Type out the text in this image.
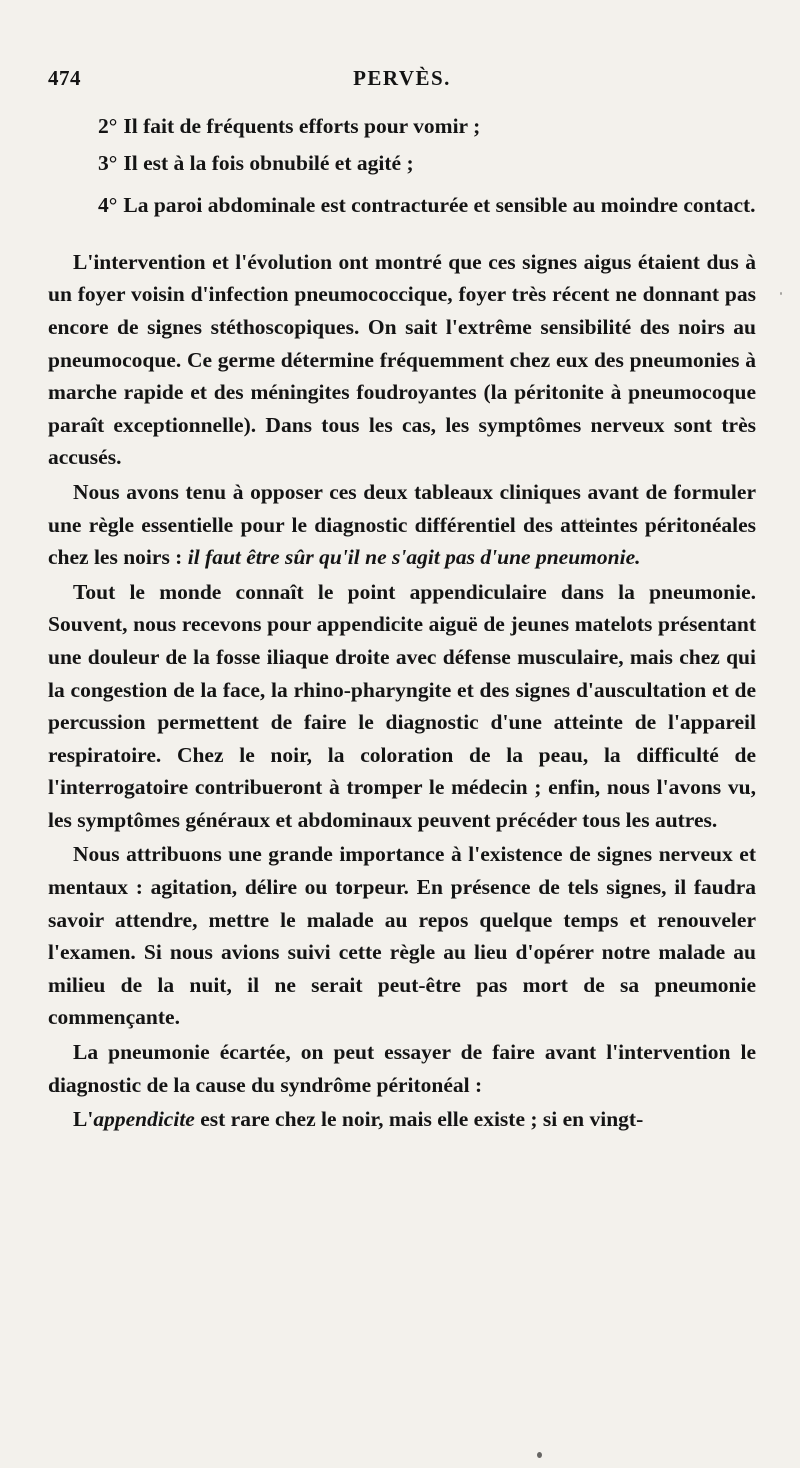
474	PERVÈS.

2° Il fait de fréquents efforts pour vomir ;

3° Il est à la fois obnubilé et agité ;

4° La paroi abdominale est contracturée et sensible au moindre contact.

L'intervention et l'évolution ont montré que ces signes aigus étaient dus à un foyer voisin d'infection pneumococcique, foyer très récent ne donnant pas encore de signes stéthoscopiques. On sait l'extrême sensibilité des noirs au pneumocoque. Ce germe détermine fréquemment chez eux des pneumonies à marche rapide et des méningites foudroyantes (la péritonite à pneumocoque paraît exceptionnelle). Dans tous les cas, les symptômes nerveux sont très accusés.

Nous avons tenu à opposer ces deux tableaux cliniques avant de formuler une règle essentielle pour le diagnostic différentiel des atteintes péritonéales chez les noirs : il faut être sûr qu'il ne s'agit pas d'une pneumonie.

Tout le monde connaît le point appendiculaire dans la pneumonie. Souvent, nous recevons pour appendicite aiguë de jeunes matelots présentant une douleur de la fosse iliaque droite avec défense musculaire, mais chez qui la congestion de la face, la rhino-pharyngite et des signes d'auscultation et de percussion permettent de faire le diagnostic d'une atteinte de l'appareil respiratoire. Chez le noir, la coloration de la peau, la difficulté de l'interrogatoire contribueront à tromper le médecin ; enfin, nous l'avons vu, les symptômes généraux et abdominaux peuvent précéder tous les autres.

Nous attribuons une grande importance à l'existence de signes nerveux et mentaux : agitation, délire ou torpeur. En présence de tels signes, il faudra savoir attendre, mettre le malade au repos quelque temps et renouveler l'examen. Si nous avions suivi cette règle au lieu d'opérer notre malade au milieu de la nuit, il ne serait peut-être pas mort de sa pneumonie commençante.

La pneumonie écartée, on peut essayer de faire avant l'intervention le diagnostic de la cause du syndrôme péritonéal :

L'appendicite est rare chez le noir, mais elle existe ; si en vingt-
